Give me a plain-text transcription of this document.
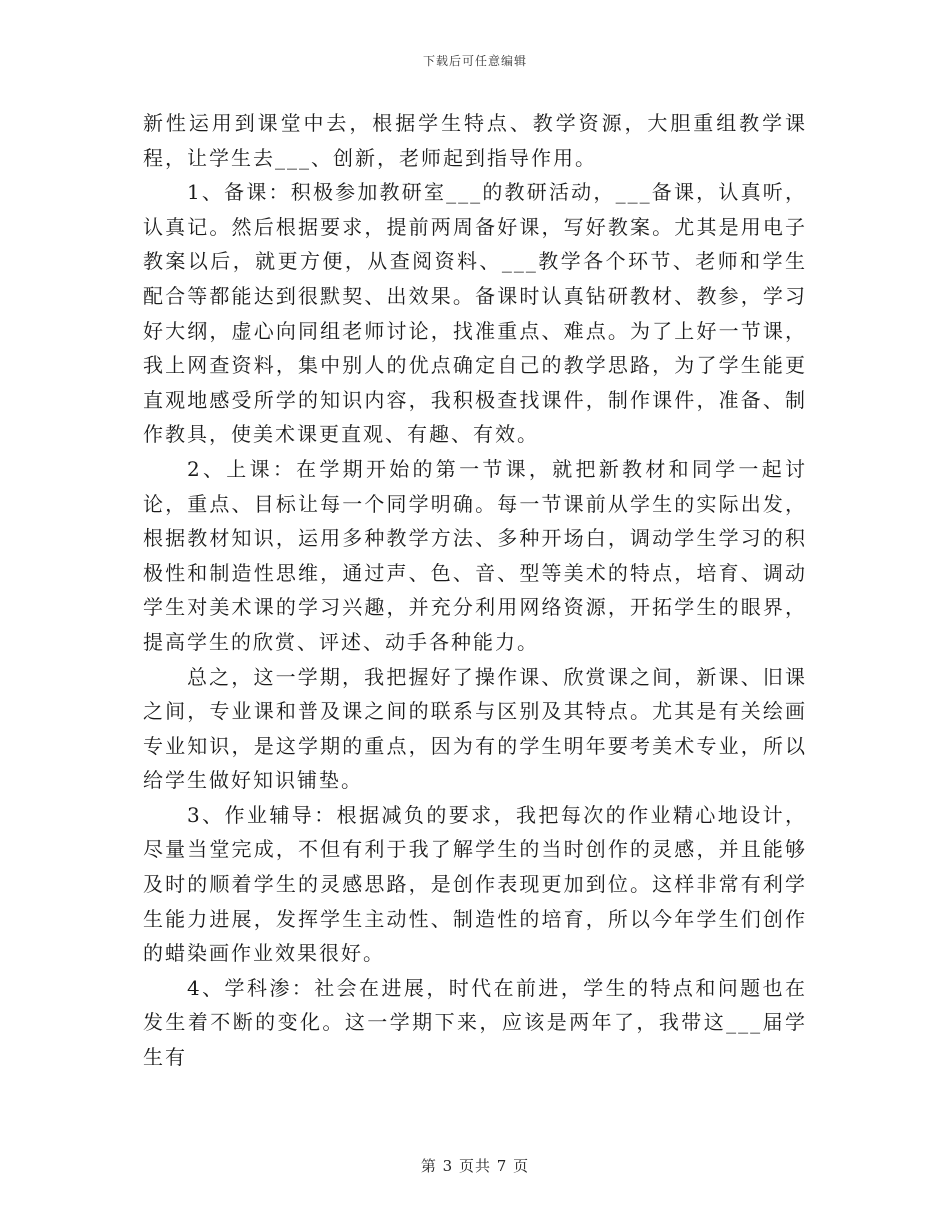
下载后可任意编辑

新性运用到课堂中去，根据学生特点、教学资源，大胆重组教学课程，让学生去___、创新，老师起到指导作用。

1、备课：积极参加教研室___的教研活动，___备课，认真听，认真记。然后根据要求，提前两周备好课，写好教案。尤其是用电子教案以后，就更方便，从查阅资料、___教学各个环节、老师和学生配合等都能达到很默契、出效果。备课时认真钻研教材、教参，学习好大纲，虚心向同组老师讨论，找准重点、难点。为了上好一节课，我上网查资料，集中别人的优点确定自己的教学思路，为了学生能更直观地感受所学的知识内容，我积极查找课件，制作课件，准备、制作教具，使美术课更直观、有趣、有效。

2、上课：在学期开始的第一节课，就把新教材和同学一起讨论，重点、目标让每一个同学明确。每一节课前从学生的实际出发，根据教材知识，运用多种教学方法、多种开场白，调动学生学习的积极性和制造性思维，通过声、色、音、型等美术的特点，培育、调动学生对美术课的学习兴趣，并充分利用网络资源，开拓学生的眼界，提高学生的欣赏、评述、动手各种能力。

总之，这一学期，我把握好了操作课、欣赏课之间，新课、旧课之间，专业课和普及课之间的联系与区别及其特点。尤其是有关绘画专业知识，是这学期的重点，因为有的学生明年要考美术专业，所以给学生做好知识铺垫。

3、作业辅导：根据减负的要求，我把每次的作业精心地设计，尽量当堂完成，不但有利于我了解学生的当时创作的灵感，并且能够及时的顺着学生的灵感思路，是创作表现更加到位。这样非常有利学生能力进展，发挥学生主动性、制造性的培育，所以今年学生们创作的蜡染画作业效果很好。

4、学科渗：社会在进展，时代在前进，学生的特点和问题也在发生着不断的变化。这一学期下来，应该是两年了，我带这___届学生有

第 3 页共 7 页
